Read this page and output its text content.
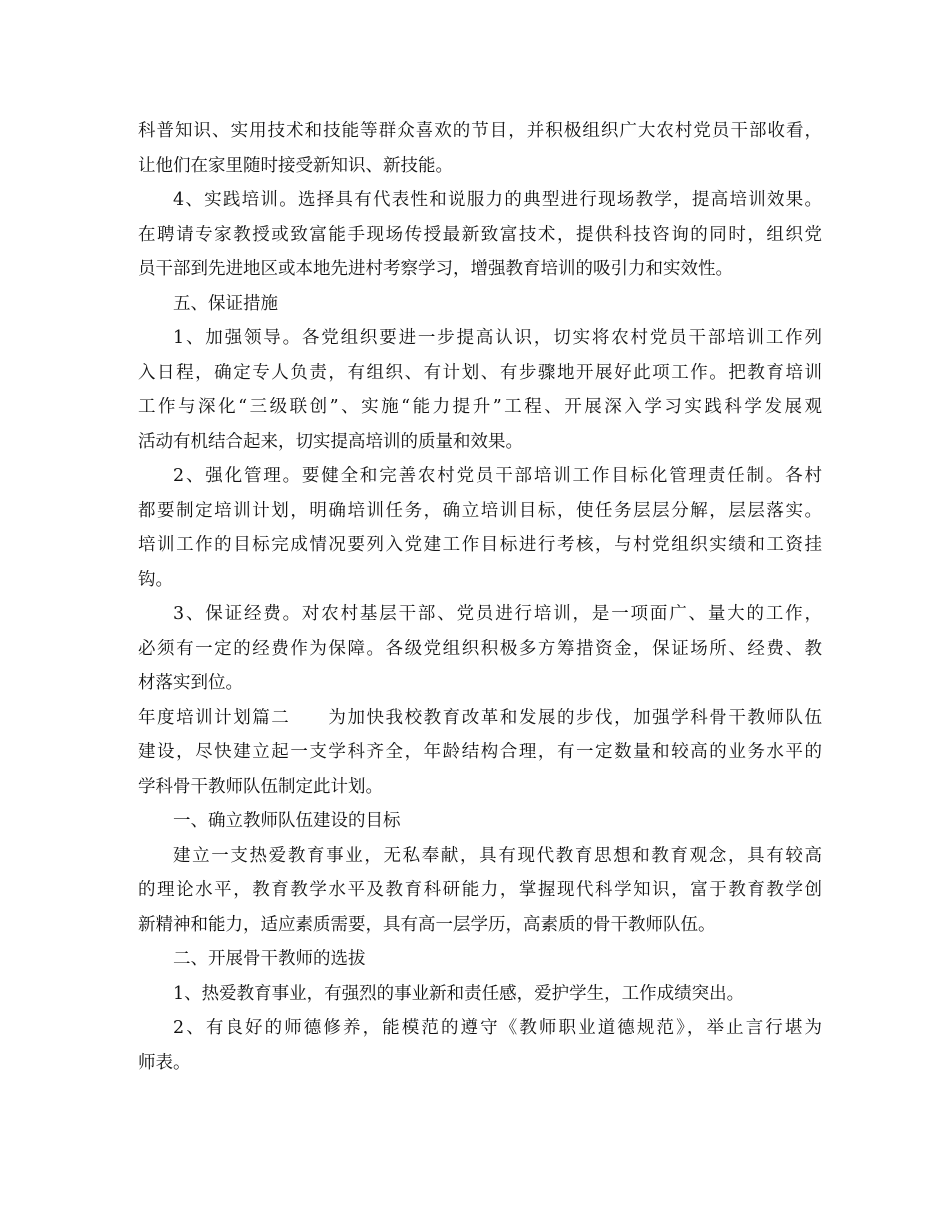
科普知识、实用技术和技能等群众喜欢的节目，并积极组织广大农村党员干部收看，
让他们在家里随时接受新知识、新技能。
4、实践培训。选择具有代表性和说服力的典型进行现场教学，提高培训效果。
在聘请专家教授或致富能手现场传授最新致富技术，提供科技咨询的同时，组织党
员干部到先进地区或本地先进村考察学习，增强教育培训的吸引力和实效性。
五、保证措施
1、加强领导。各党组织要进一步提高认识，切实将农村党员干部培训工作列
入日程，确定专人负责，有组织、有计划、有步骤地开展好此项工作。把教育培训
工作与深化“三级联创”、实施“能力提升”工程、开展深入学习实践科学发展观
活动有机结合起来，切实提高培训的质量和效果。
2、强化管理。要健全和完善农村党员干部培训工作目标化管理责任制。各村
都要制定培训计划，明确培训任务，确立培训目标，使任务层层分解，层层落实。
培训工作的目标完成情况要列入党建工作目标进行考核，与村党组织实绩和工资挂
钩。
3、保证经费。对农村基层干部、党员进行培训，是一项面广、量大的工作，
必须有一定的经费作为保障。各级党组织积极多方筹措资金，保证场所、经费、教
材落实到位。
年度培训计划篇二　　为加快我校教育改革和发展的步伐，加强学科骨干教师队伍
建设，尽快建立起一支学科齐全，年龄结构合理，有一定数量和较高的业务水平的
学科骨干教师队伍制定此计划。
一、确立教师队伍建设的目标
建立一支热爱教育事业，无私奉献，具有现代教育思想和教育观念，具有较高
的理论水平，教育教学水平及教育科研能力，掌握现代科学知识，富于教育教学创
新精神和能力，适应素质需要，具有高一层学历，高素质的骨干教师队伍。
二、开展骨干教师的选拔
1、热爱教育事业，有强烈的事业新和责任感，爱护学生，工作成绩突出。
2、有良好的师德修养，能模范的遵守《教师职业道德规范》，举止言行堪为
师表。
